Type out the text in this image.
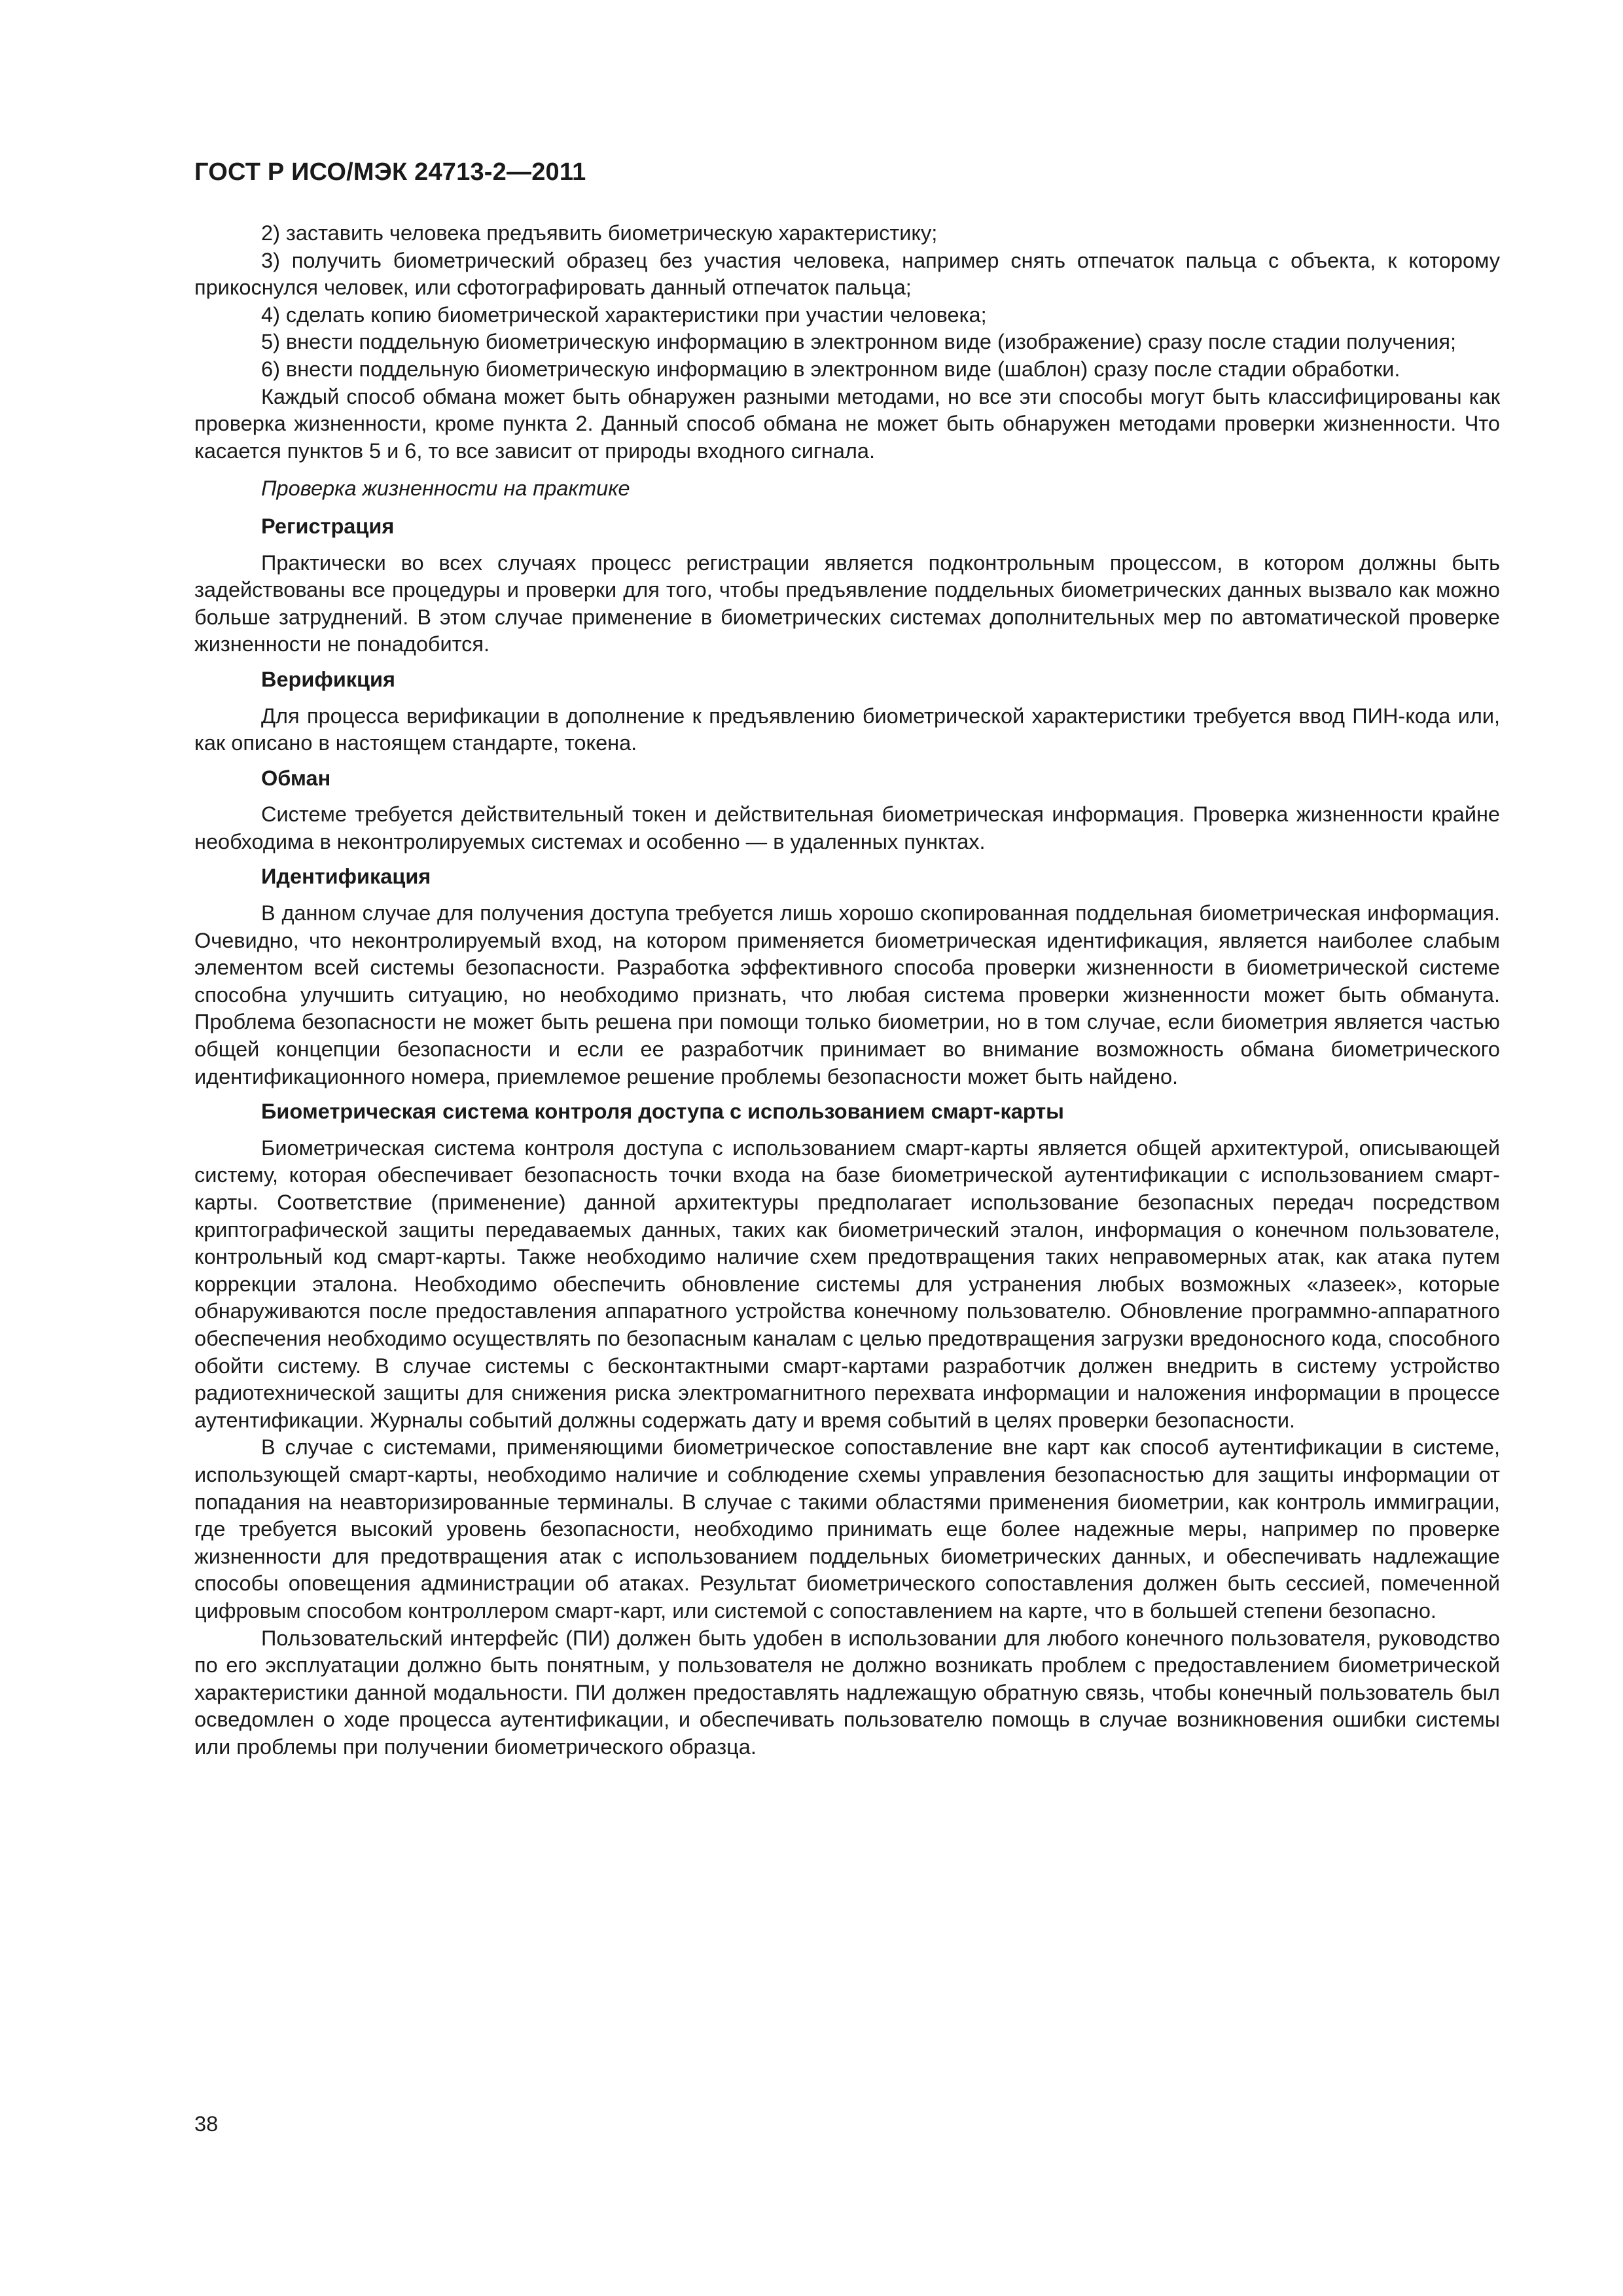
ГОСТ Р ИСО/МЭК 24713-2—2011

2) заставить человека предъявить биометрическую характеристику;

3) получить биометрический образец без участия человека, например снять отпечаток пальца с объекта, к которому прикоснулся человек, или сфотографировать данный отпечаток пальца;

4) сделать копию биометрической характеристики при участии человека;

5) внести поддельную биометрическую информацию в электронном виде (изображение) сразу после стадии получения;

6) внести поддельную биометрическую информацию в электронном виде (шаблон) сразу после стадии обработки.

Каждый способ обмана может быть обнаружен разными методами, но все эти способы могут быть классифицированы как проверка жизненности, кроме пункта 2. Данный способ обмана не может быть обнаружен методами проверки жизненности. Что касается пунктов 5 и 6, то все зависит от природы входного сигнала.

Проверка жизненности на практике

Регистрация

Практически во всех случаях процесс регистрации является подконтрольным процессом, в котором должны быть задействованы все процедуры и проверки для того, чтобы предъявление поддельных биометрических данных вызвало как можно больше затруднений. В этом случае применение в биометрических системах дополнительных мер по автоматической проверке жизненности не понадобится.

Верификция

Для процесса верификации в дополнение к предъявлению биометрической характеристики требуется ввод ПИН-кода или, как описано в настоящем стандарте, токена.

Обман

Системе требуется действительный токен и действительная биометрическая информация. Проверка жизненности крайне необходима в неконтролируемых системах и особенно — в удаленных пунктах.

Идентификация

В данном случае для получения доступа требуется лишь хорошо скопированная поддельная биометрическая информация. Очевидно, что неконтролируемый вход, на котором применяется биометрическая идентификация, является наиболее слабым элементом всей системы безопасности. Разработка эффективного способа проверки жизненности в биометрической системе способна улучшить ситуацию, но необходимо признать, что любая система проверки жизненности может быть обманута. Проблема безопасности не может быть решена при помощи только биометрии, но в том случае, если биометрия является частью общей концепции безопасности и если ее разработчик принимает во внимание возможность обмана биометрического идентификационного номера, приемлемое решение проблемы безопасности может быть найдено.

Биометрическая система контроля доступа с использованием смарт-карты

Биометрическая система контроля доступа с использованием смарт-карты является общей архитектурой, описывающей систему, которая обеспечивает безопасность точки входа на базе биометрической аутентификации с использованием смарт-карты. Соответствие (применение) данной архитектуры предполагает использование безопасных передач посредством криптографической защиты передаваемых данных, таких как биометрический эталон, информация о конечном пользователе, контрольный код смарт-карты. Также необходимо наличие схем предотвращения таких неправомерных атак, как атака путем коррекции эталона. Необходимо обеспечить обновление системы для устранения любых возможных «лазеек», которые обнаруживаются после предоставления аппаратного устройства конечному пользователю. Обновление программно-аппаратного обеспечения необходимо осуществлять по безопасным каналам с целью предотвращения загрузки вредоносного кода, способного обойти систему. В случае системы с бесконтактными смарт-картами разработчик должен внедрить в систему устройство радиотехнической защиты для снижения риска электромагнитного перехвата информации и наложения информации в процессе аутентификации. Журналы событий должны содержать дату и время событий в целях проверки безопасности.

В случае с системами, применяющими биометрическое сопоставление вне карт как способ аутентификации в системе, использующей смарт-карты, необходимо наличие и соблюдение схемы управления безопасностью для защиты информации от попадания на неавторизированные терминалы. В случае с такими областями применения биометрии, как контроль иммиграции, где требуется высокий уровень безопасности, необходимо принимать еще более надежные меры, например по проверке жизненности для предотвращения атак с использованием поддельных биометрических данных, и обеспечивать надлежащие способы оповещения администрации об атаках. Результат биометрического сопоставления должен быть сессией, помеченной цифровым способом контроллером смарт-карт, или системой с сопоставлением на карте, что в большей степени безопасно.

Пользовательский интерфейс (ПИ) должен быть удобен в использовании для любого конечного пользователя, руководство по его эксплуатации должно быть понятным, у пользователя не должно возникать проблем с предоставлением биометрической характеристики данной модальности. ПИ должен предоставлять надлежащую обратную связь, чтобы конечный пользователь был осведомлен о ходе процесса аутентификации, и обеспечивать пользователю помощь в случае возникновения ошибки системы или проблемы при получении биометрического образца.

38
